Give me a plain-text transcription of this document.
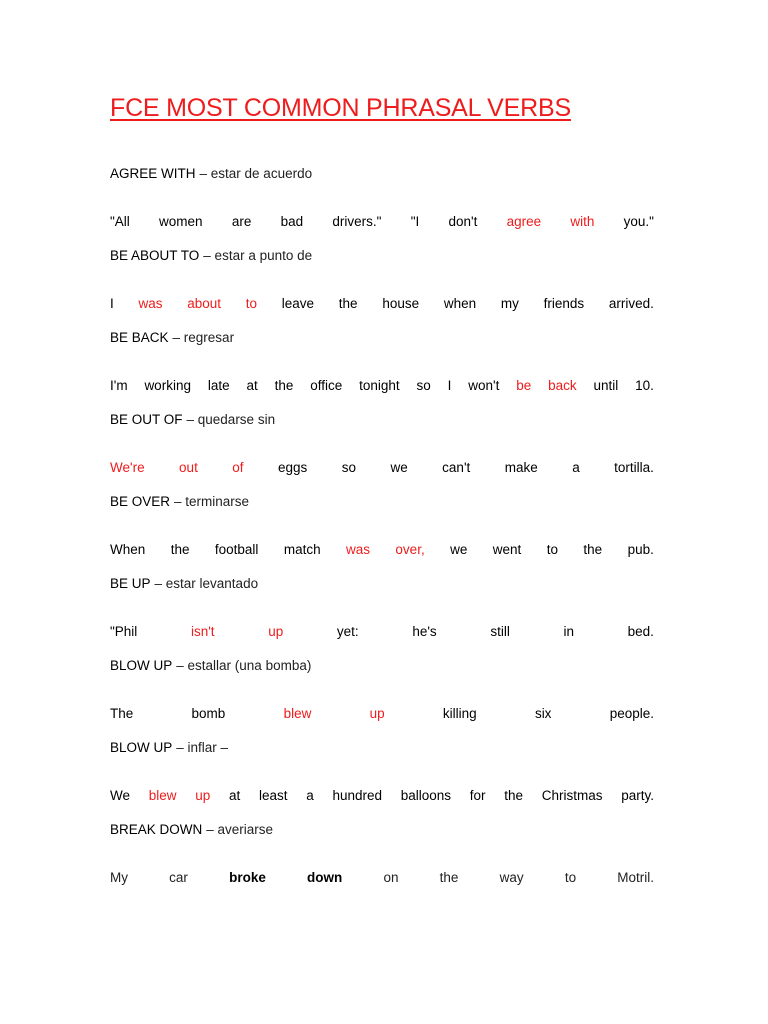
FCE MOST COMMON PHRASAL VERBS
AGREE WITH – estar de acuerdo
"All women are bad drivers." "I don't agree with you."
BE ABOUT TO – estar a punto de
I was about to leave the house when my friends arrived.
BE BACK – regresar
I'm working late at the office tonight so I won't be back until 10.
BE OUT OF – quedarse sin
We're	out	of	eggs	so	we	can't	make	a	tortilla.
BE OVER – terminarse
When the football match was over, we went to the pub.
BE UP – estar levantado
"Phil	isn't	up	yet:	he's	still	in	bed.
BLOW UP – estallar (una bomba)
The	bomb	blew	up	killing	six	people.
BLOW UP – inflar –
We blew up at least a hundred balloons for the Christmas party.
BREAK DOWN – averiarse
My	car	broke	down	on	the	way	to	Motril.
